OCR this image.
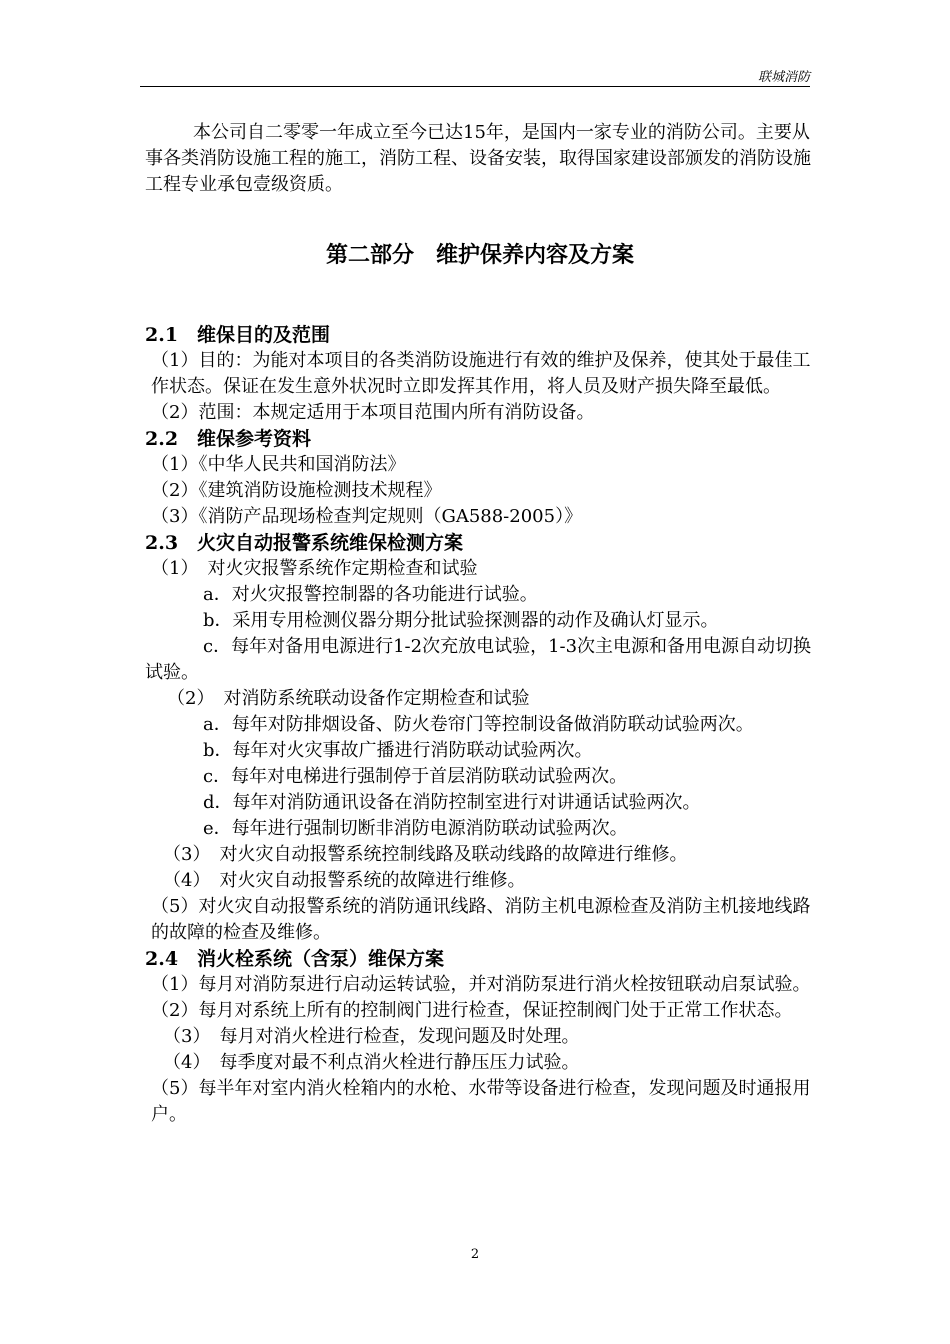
联城消防

本公司自二零零一年成立至今已达15年，是国内一家专业的消防公司。主要从事各类消防设施工程的施工，消防工程、设备安装，取得国家建设部颁发的消防设施工程专业承包壹级资质。

第二部分　维护保养内容及方案

2.1　维保目的及范围

（1）目的：为能对本项目的各类消防设施进行有效的维护及保养，使其处于最佳工作状态。保证在发生意外状况时立即发挥其作用，将人员及财产损失降至最低。

（2）范围：本规定适用于本项目范围内所有消防设备。

2.2　维保参考资料

（1）《中华人民共和国消防法》

（2）《建筑消防设施检测技术规程》

（3）《消防产品现场检查判定规则（GA588-2005）》

2.3　火灾自动报警系统维保检测方案

（1）　对火灾报警系统作定期检查和试验

a．对火灾报警控制器的各功能进行试验。

b．采用专用检测仪器分期分批试验探测器的动作及确认灯显示。

c．每年对备用电源进行1-2次充放电试验，1-3次主电源和备用电源自动切换试验。

（2）　对消防系统联动设备作定期检查和试验

a．每年对防排烟设备、防火卷帘门等控制设备做消防联动试验两次。

b．每年对火灾事故广播进行消防联动试验两次。

c．每年对电梯进行强制停于首层消防联动试验两次。

d．每年对消防通讯设备在消防控制室进行对讲通话试验两次。

e．每年进行强制切断非消防电源消防联动试验两次。

（3）　对火灾自动报警系统控制线路及联动线路的故障进行维修。

（4）　对火灾自动报警系统的故障进行维修。

（5）对火灾自动报警系统的消防通讯线路、消防主机电源检查及消防主机接地线路的故障的检查及维修。

2.4　消火栓系统（含泵）维保方案

（1）每月对消防泵进行启动运转试验，并对消防泵进行消火栓按钮联动启泵试验。

（2）每月对系统上所有的控制阀门进行检查，保证控制阀门处于正常工作状态。

（3）　每月对消火栓进行检查，发现问题及时处理。

（4）　每季度对最不利点消火栓进行静压压力试验。

（5）每半年对室内消火栓箱内的水枪、水带等设备进行检查，发现问题及时通报用户。

2
